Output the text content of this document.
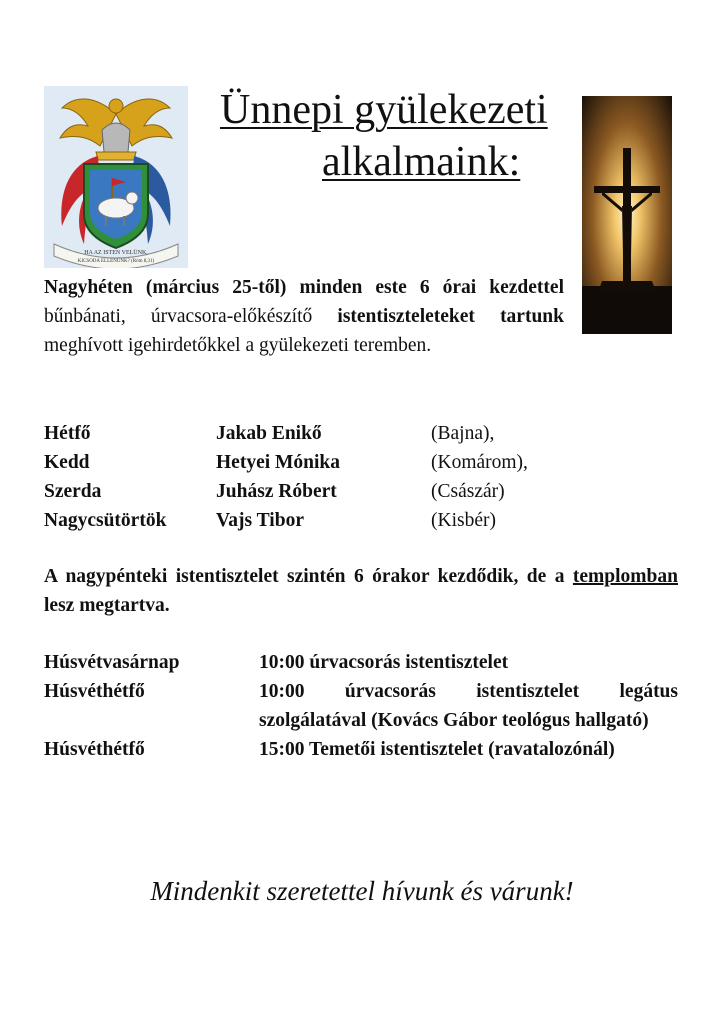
Ünnepi gyülekezeti
alkalmaink:
HA AZ ISTEN VELÜNK,
KICSODA ELLENÜNK? (Róm 8,31)
Nagyhéten (március 25-től) minden este 6 órai kezdettel bűnbánati, úrvacsora-előkészítő istentiszteleteket tartunk meghívott igehirdetőkkel a gyülekezeti teremben.
Hétfő	Jakab Enikő	(Bajna),
Kedd	Hetyei Mónika	(Komárom),
Szerda	Juhász Róbert	(Császár)
Nagycsütörtök	Vajs Tibor	(Kisbér)
A nagypénteki istentisztelet szintén 6 órakor kezdődik, de a templomban lesz megtartva.
Húsvétvasárnap	10:00 úrvacsorás istentisztelet
Húsvéthétfő	10:00 úrvacsorás istentisztelet legátus szolgálatával (Kovács Gábor teológus hallgató)
Húsvéthétfő	15:00 Temetői istentisztelet (ravatalozónál)
Mindenkit szeretettel hívunk és várunk!
